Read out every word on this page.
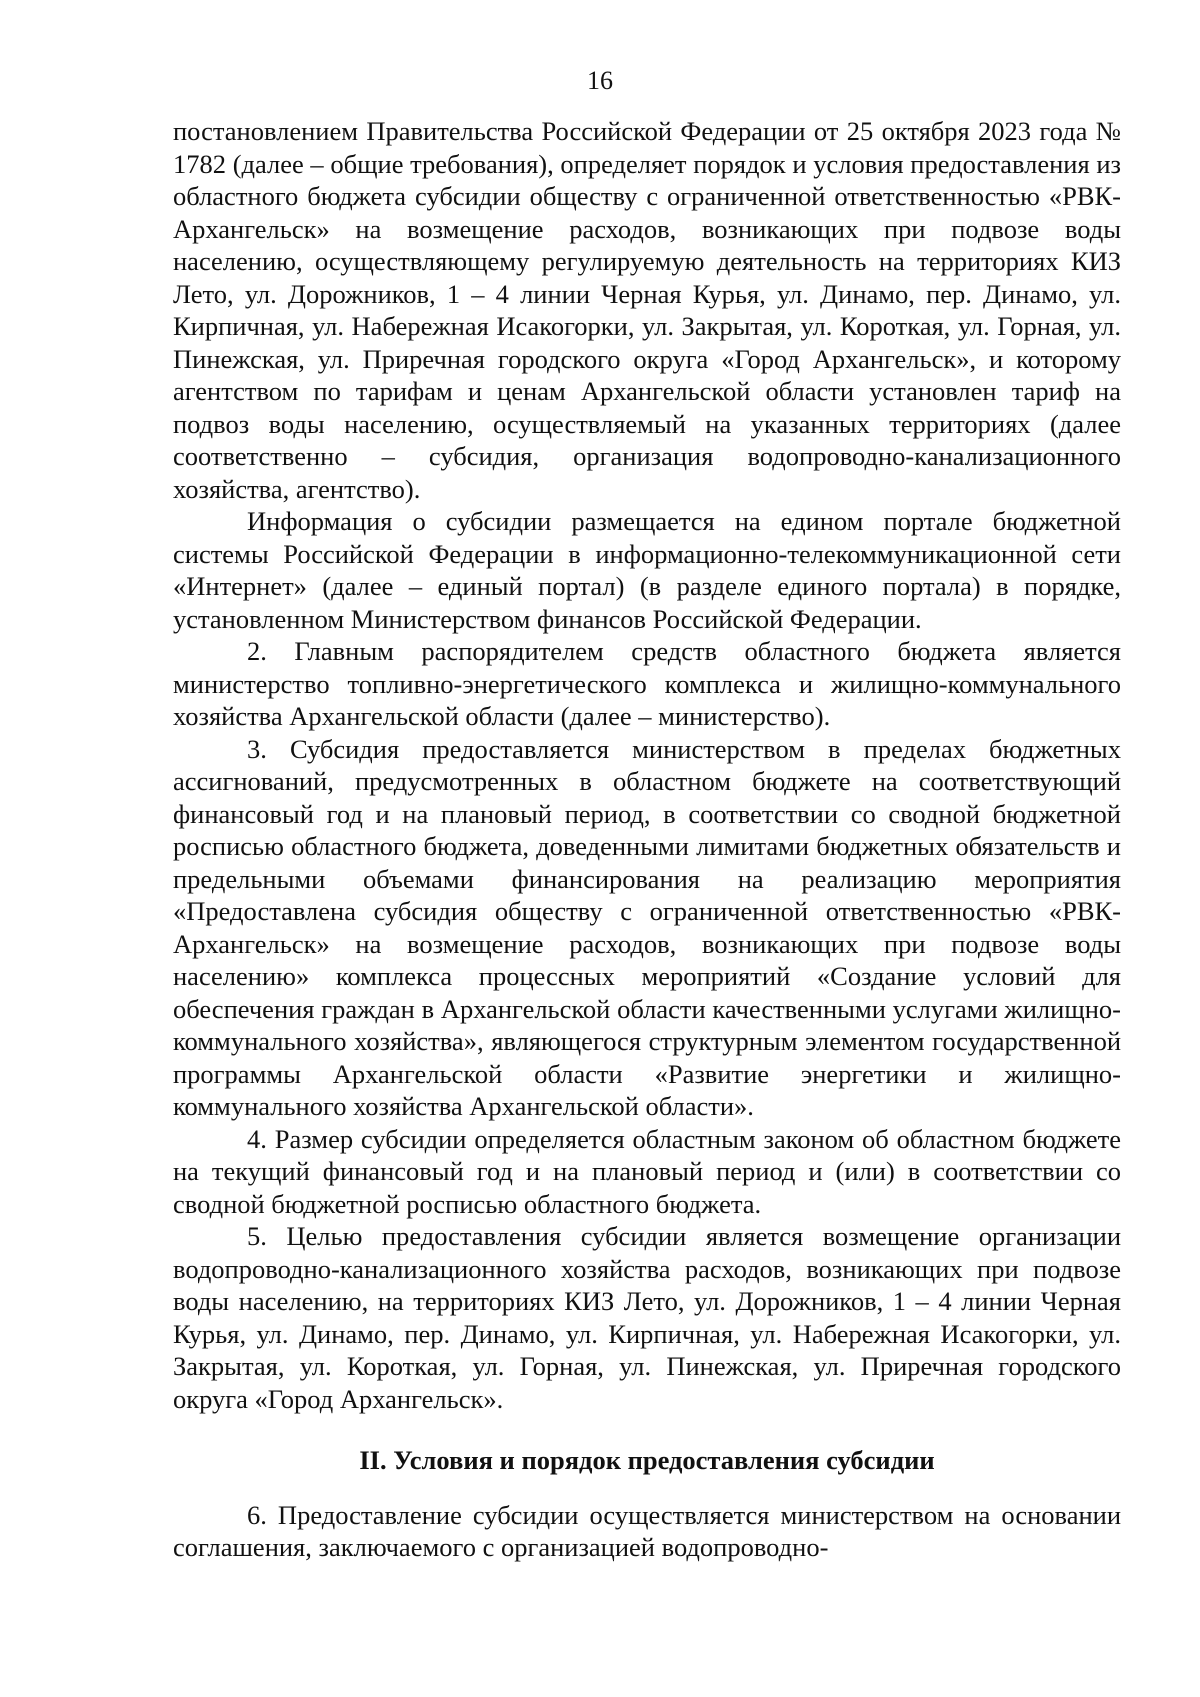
16

постановлением Правительства Российской Федерации от 25 октября 2023 года № 1782 (далее – общие требования), определяет порядок и условия предоставления из областного бюджета субсидии обществу с ограниченной ответственностью «РВК-Архангельск» на возмещение расходов, возникающих при подвозе воды населению, осуществляющему регулируемую деятельность на территориях КИЗ Лето, ул. Дорожников, 1 – 4 линии Черная Курья, ул. Динамо, пер. Динамо, ул. Кирпичная, ул. Набережная Исакогорки, ул. Закрытая, ул. Короткая, ул. Горная, ул. Пинежская, ул. Приречная городского округа «Город Архангельск», и которому агентством по тарифам и ценам Архангельской области установлен тариф на подвоз воды населению, осуществляемый на указанных территориях (далее соответственно – субсидия, организация водопроводно-канализационного хозяйства, агентство).

Информация о субсидии размещается на едином портале бюджетной системы Российской Федерации в информационно-телекоммуникационной сети «Интернет» (далее – единый портал) (в разделе единого портала) в порядке, установленном Министерством финансов Российской Федерации.

2. Главным распорядителем средств областного бюджета является министерство топливно-энергетического комплекса и жилищно-коммунального хозяйства Архангельской области (далее – министерство).

3. Субсидия предоставляется министерством в пределах бюджетных ассигнований, предусмотренных в областном бюджете на соответствующий финансовый год и на плановый период, в соответствии со сводной бюджетной росписью областного бюджета, доведенными лимитами бюджетных обязательств и предельными объемами финансирования на реализацию мероприятия «Предоставлена субсидия обществу с ограниченной ответственностью «РВК-Архангельск» на возмещение расходов, возникающих при подвозе воды населению» комплекса процессных мероприятий «Создание условий для обеспечения граждан в Архангельской области качественными услугами жилищно-коммунального хозяйства», являющегося структурным элементом государственной программы Архангельской области «Развитие энергетики и жилищно-коммунального хозяйства Архангельской области».

4. Размер субсидии определяется областным законом об областном бюджете на текущий финансовый год и на плановый период и (или) в соответствии со сводной бюджетной росписью областного бюджета.

5. Целью предоставления субсидии является возмещение организации водопроводно-канализационного хозяйства расходов, возникающих при подвозе воды населению, на территориях КИЗ Лето, ул. Дорожников, 1 – 4 линии Черная Курья, ул. Динамо, пер. Динамо, ул. Кирпичная, ул. Набережная Исакогорки, ул. Закрытая, ул. Короткая, ул. Горная, ул. Пинежская, ул. Приречная городского округа «Город Архангельск».

II. Условия и порядок предоставления субсидии

6. Предоставление субсидии осуществляется министерством на основании соглашения, заключаемого с организацией водопроводно-
